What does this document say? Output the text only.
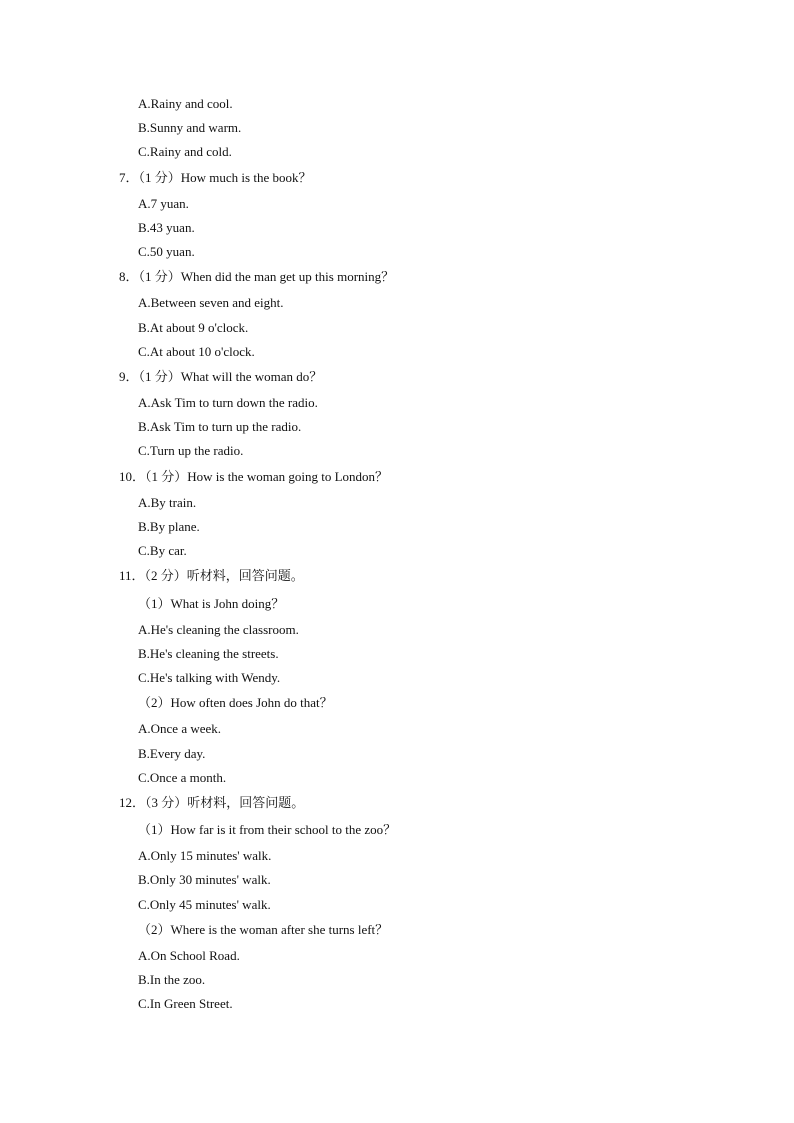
A.Rainy and cool.
B.Sunny and warm.
C.Rainy and cold.
7．（1 分）How much is the book？
A.7 yuan.
B.43 yuan.
C.50 yuan.
8．（1 分）When did the man get up this morning？
A.Between seven and eight.
B.At about 9 o'clock.
C.At about 10 o'clock.
9．（1 分）What will the woman do？
A.Ask Tim to turn down the radio.
B.Ask Tim to turn up the radio.
C.Turn up the radio.
10．（1 分）How is the woman going to London？
A.By train.
B.By plane.
C.By car.
11．（2 分）听材料，回答问题。
（1）What is John doing？
A.He's cleaning the classroom.
B.He's cleaning the streets.
C.He's talking with Wendy.
（2）How often does John do that？
A.Once a week.
B.Every day.
C.Once a month.
12．（3 分）听材料，回答问题。
（1）How far is it from their school to the zoo？
A.Only 15 minutes' walk.
B.Only 30 minutes' walk.
C.Only 45 minutes' walk.
（2）Where is the woman after she turns left？
A.On School Road.
B.In the zoo.
C.In Green Street.
